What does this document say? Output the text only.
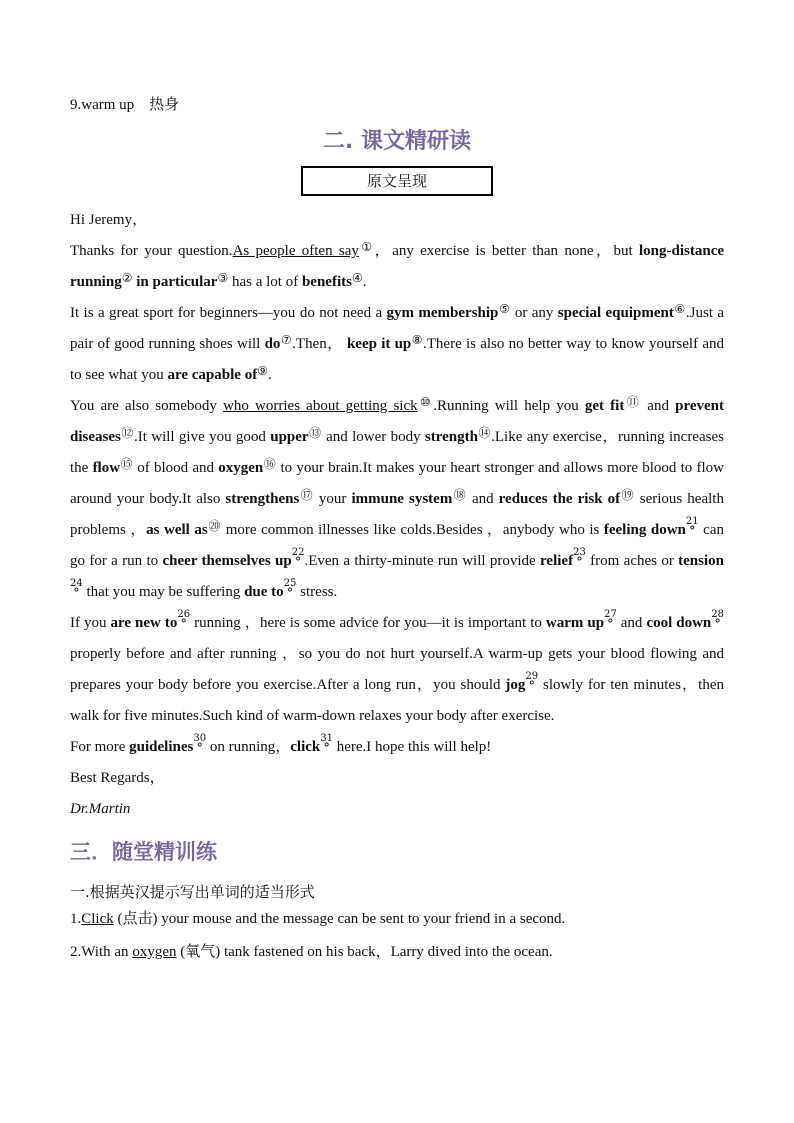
9.warm up　热身
二. 课文精研读
原文呈现

Hi Jeremy，

Thanks for your question.As people often say①，any exercise is better than none，but long-distance running② in particular③ has a lot of benefits④.

It is a great sport for beginners—you do not need a gym membership⑤ or any special equipment⑥.Just a pair of good running shoes will do⑦.Then， keep it up⑧.There is also no better way to know yourself and to see what you are capable of⑨.

You are also somebody who worries about getting sick⑩.Running will help you get fit⑪ and prevent diseases⑫.It will give you good upper⑬ and lower body strength⑭.Like any exercise，running increases the flow⑮ of blood and oxygen⑯ to your brain.It makes your heart stronger and allows more blood to flow around your body.It also strengthens⑰ your immune system⑱ and reduces the risk of⑲ serious health problems ，as well as⑳ more common illnesses like colds.Besides ，anybody who is feeling down
21
° can go for a run to cheer themselves up
22
° .Even a thirty-minute run will provide relief
23
° from aches or tension
24
° that you may be suffering due to
25
° stress.

If you are new to
26
° running ，here is some advice for you—it is important to warm up
27
° and cool down
28
°
properly before and after running ，so you do not hurt yourself.A warm-up gets your blood flowing and prepares your body before you exercise.After a long run，you should jog
29
° slowly for ten minutes，then walk for five minutes.Such kind of warm-down relaxes your body after exercise.

For more guidelines
30
° on running，click
31
° here.I hope this will help!

Best Regards，

Dr.Martin

三．随堂精训练
一.根据英汉提示写出单词的适当形式

1.Click (点击) your mouse and the message can be sent to your friend in a second.

2.With an oxygen (氧气) tank fastened on his back，Larry dived into the ocean.
